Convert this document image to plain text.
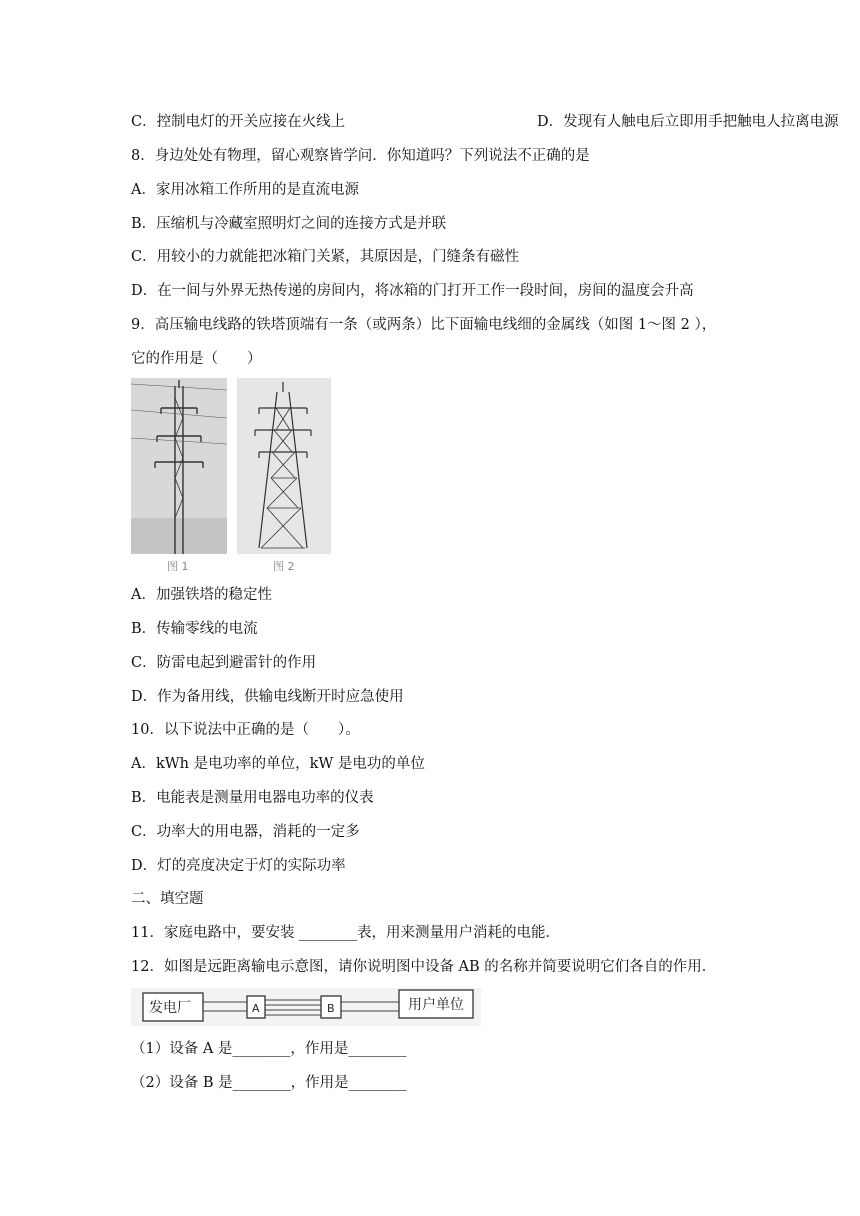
C．控制电灯的开关应接在火线上	D．发现有人触电后立即用手把触电人拉离电源
8．身边处处有物理，留心观察皆学问．你知道吗？下列说法不正确的是
A．家用冰箱工作所用的是直流电源
B．压缩机与冷藏室照明灯之间的连接方式是并联
C．用较小的力就能把冰箱门关紧，其原因是，门缝条有磁性
D．在一间与外界无热传递的房间内，将冰箱的门打开工作一段时间，房间的温度会升高
9．高压输电线路的铁塔顶端有一条（或两条）比下面输电线细的金属线（如图 1～图 2 ），
它的作用是（　　）
图 1	图 2
A．加强铁塔的稳定性
B．传输零线的电流
C．防雷电起到避雷针的作用
D．作为备用线，供输电线断开时应急使用
10．以下说法中正确的是（　　）。
A．kWh 是电功率的单位，kW 是电功的单位
B．电能表是测量用电器电功率的仪表
C．功率大的用电器，消耗的一定多
D．灯的亮度决定于灯的实际功率
二、填空题
11．家庭电路中，要安装 ________表，用来测量用户消耗的电能．
12．如图是远距离输电示意图，请你说明图中设备 AB 的名称并简要说明它们各自的作用．
发电厂	A	B	用户单位
（1）设备 A 是________，作用是________
（2）设备 B 是________，作用是________
